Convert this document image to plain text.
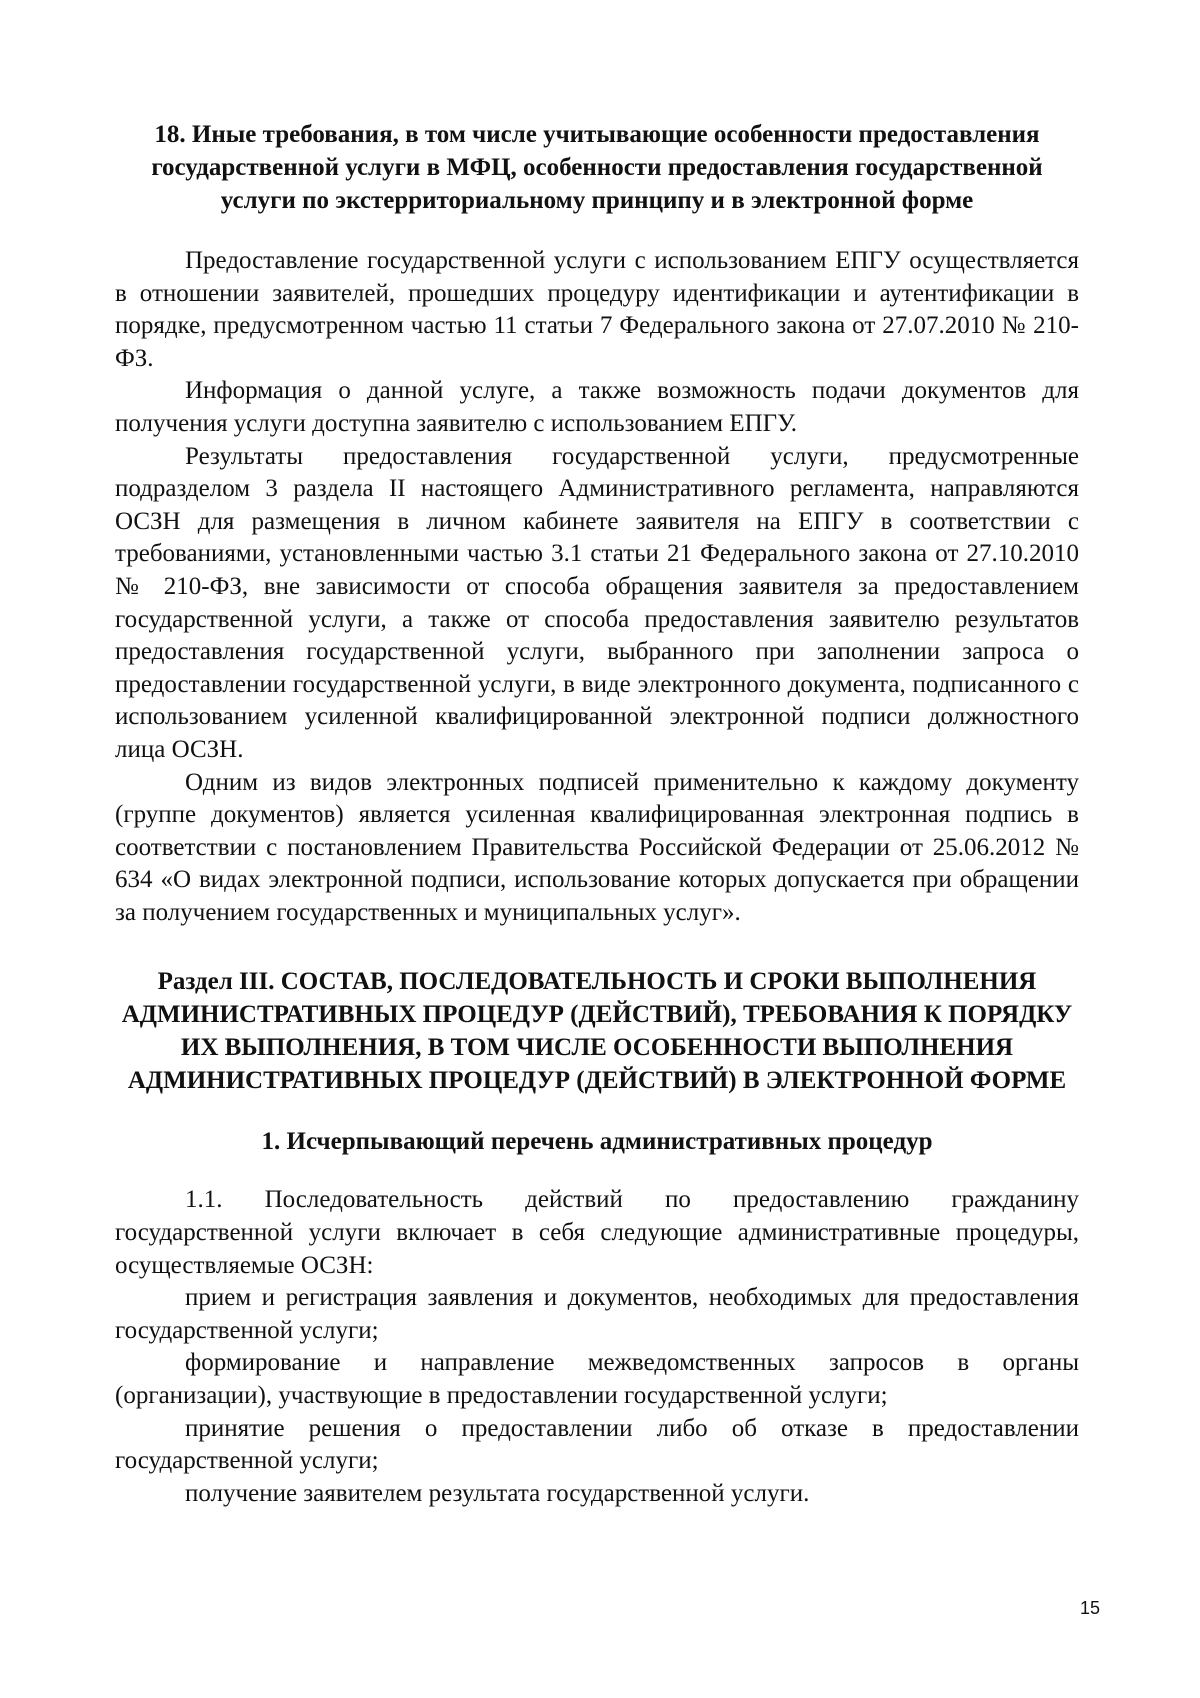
18. Иные требования, в том числе учитывающие особенности предоставления государственной услуги в МФЦ, особенности предоставления государственной услуги по экстерриториальному принципу и в электронной форме

Предоставление государственной услуги с использованием ЕПГУ осуществляется в отношении заявителей, прошедших процедуру идентификации и аутентификации в порядке, предусмотренном частью 11 статьи 7 Федерального закона от 27.07.2010 № 210-ФЗ.

Информация о данной услуге, а также возможность подачи документов для получения услуги доступна заявителю с использованием ЕПГУ.

Результаты предоставления государственной услуги, предусмотренные подразделом 3 раздела II настоящего Административного регламента, направляются ОСЗН для размещения в личном кабинете заявителя на ЕПГУ в соответствии с требованиями, установленными частью 3.1 статьи 21 Федерального закона от 27.10.2010 № 210-ФЗ, вне зависимости от способа обращения заявителя за предоставлением государственной услуги, а также от способа предоставления заявителю результатов предоставления государственной услуги, выбранного при заполнении запроса о предоставлении государственной услуги, в виде электронного документа, подписанного с использованием усиленной квалифицированной электронной подписи должностного лица ОСЗН.

Одним из видов электронных подписей применительно к каждому документу (группе документов) является усиленная квалифицированная электронная подпись в соответствии с постановлением Правительства Российской Федерации от 25.06.2012 № 634 «О видах электронной подписи, использование которых допускается при обращении за получением государственных и муниципальных услуг».

Раздел III. СОСТАВ, ПОСЛЕДОВАТЕЛЬНОСТЬ И СРОКИ ВЫПОЛНЕНИЯ АДМИНИСТРАТИВНЫХ ПРОЦЕДУР (ДЕЙСТВИЙ), ТРЕБОВАНИЯ К ПОРЯДКУ ИХ ВЫПОЛНЕНИЯ, В ТОМ ЧИСЛЕ ОСОБЕННОСТИ ВЫПОЛНЕНИЯ АДМИНИСТРАТИВНЫХ ПРОЦЕДУР (ДЕЙСТВИЙ) В ЭЛЕКТРОННОЙ ФОРМЕ
1. Исчерпывающий перечень административных процедур

1.1. Последовательность действий по предоставлению гражданину государственной услуги включает в себя следующие административные процедуры, осуществляемые ОСЗН:

прием и регистрация заявления и документов, необходимых для предоставления государственной услуги;

формирование и направление межведомственных запросов в органы (организации), участвующие в предоставлении государственной услуги;

принятие решения о предоставлении либо об отказе в предоставлении государственной услуги;

получение заявителем результата государственной услуги.

15
